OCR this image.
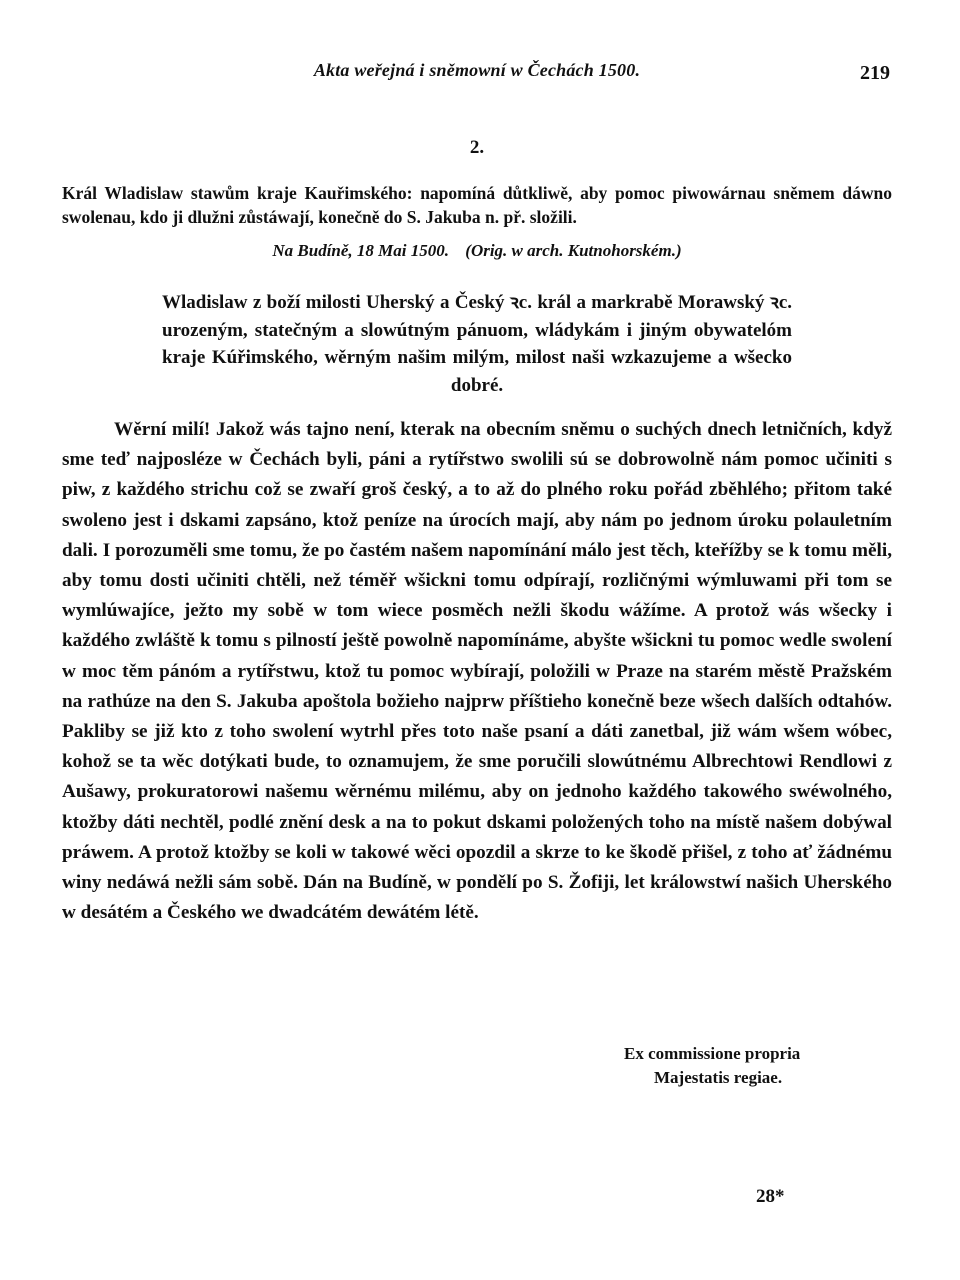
Akta weřejná i sněmowní w Čechách 1500.	219
2.
Král Wladislaw stawům kraje Kauřimského: napomíná důtkliwě, aby pomoc piwowárnau sněmem dáwno swolenau, kdo ji dlužni zůstáwají, konečně do S. Jakuba n. př. složili.
Na Budíně, 18 Mai 1500. (Orig. w arch. Kutnohorském.)
Wladislaw z boží milosti Uherský a Český ꝛc. král a markrabě Morawský ꝛc. urozeným, statečným a slowútným pánuom, wládykám i jiným obywatelóm kraje Kúřimského, wěrným našim milým, milost naši wzkazujeme a wšecko dobré.

Wěrní milí! Jakož wás tajno není, kterak na obecním sněmu o suchých dnech letničních, když sme teď najposléze w Čechách byli, páni a rytířstwo swolili sú se dobrowolně nám pomoc učiniti s piw, z každého strichu což se zwaří groš český, a to až do plného roku pořád zběhlého; přitom také swoleno jest i dskami zapsáno, ktož peníze na úrocích mají, aby nám po jednom úroku polauletním dali. I porozuměli sme tomu, že po častém našem napomínání málo jest těch, kteřížby se k tomu měli, aby tomu dosti učiniti chtěli, než téměř wšickni tomu odpírají, rozličnými wýmluwami při tom se wymlúwajíce, ježto my sobě w tom wiece posměch nežli škodu wážíme. A protož wás wšecky i každého zwláště k tomu s pilností ještě powolně napomínáme, abyšte wšickni tu pomoc wedle swolení w moc těm pánóm a rytířstwu, ktož tu pomoc wybírají, položili w Praze na starém městě Pražském na rathúze na den S. Jakuba apoštola božieho najprw příštieho konečně beze wšech dalších odtahów. Pakliby se již kto z toho swolení wytrhl přes toto naše psaní a dáti zanetbal, již wám wšem wóbec, kohož se ta wěc dotýkati bude, to oznamujem, že sme poručili slowútnému Albrechtowi Rendlowi z Aušawy, prokuratorowi našemu wěrnému milému, aby on jednoho každého takowého swéwolného, ktožby dáti nechtěl, podlé znění desk a na to pokut dskami položených toho na místě našem dobýwal práwem. A protož ktožby se koli w takowé wěci opozdil a skrze to ke škodě přišel, z toho ať žádnému winy nedáwá nežli sám sobě. Dán na Budíně, w pondělí po S. Žofiji, let králowstwí našich Uherského w desátém a Českého we dwadcátém dewátém létě.

Ex commissione propria
Majestatis regiae.
28*
